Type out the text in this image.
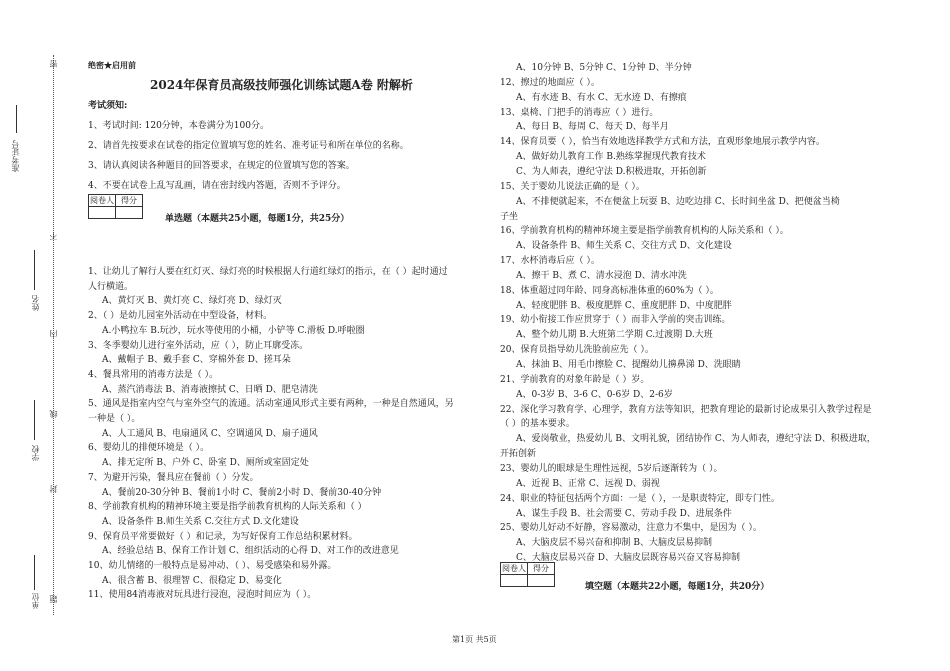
准考证号
姓名
学校
单位
密
不
内
线
封
题
绝密★启用前
2024年保育员高级技师强化训练试题A卷 附解析
考试须知:
1、考试时间: 120分钟，本卷满分为100分。
2、请首先按要求在试卷的指定位置填写您的姓名、准考证号和所在单位的名称。
3、请认真阅读各种题目的回答要求，在规定的位置填写您的答案。
4、不要在试卷上乱写乱画，请在密封线内答题，否则不予评分。
阅卷人	得分

单选题（本题共25小题，每题1分，共25分）
1、让幼儿了解行人要在红灯灭、绿灯亮的时候根据人行道红绿灯的指示，在（ ）起时通过
人行横道。
A、黄灯灭 B、黄灯亮 C、绿灯亮 D、绿灯灭
2、（ ）是幼儿园室外活动在中型设备，材料。
A.小鸭拉车 B.玩沙，玩水等使用的小桶，小铲等 C.滑板 D.呼啦圈
3、冬季婴幼儿进行室外活动，应（ ），防止耳廓受冻。
A、戴帽子 B、戴手套 C、穿棉外套 D、搓耳朵
4、餐具常用的消毒方法是（ ）。
A、蒸汽消毒法 B、消毒液擦拭 C、日晒 D、肥皂清洗
5、通风是指室内空气与室外空气的流通。活动室通风形式主要有两种，一种是自然通风，另
一种是（ ）。
A、人工通风 B、电扇通风 C、空调通风 D、扇子通风
6、婴幼儿的排便环境是（ ）。
A、排无定所 B、户外 C、卧室 D、厕所或室固定处
7、为避开污染，餐具应在餐前（ ）分发。
A、餐前20-30分钟 B、餐前1小时 C、餐前2小时 D、餐前30-40分钟
8、学前教育机构的精神环境主要是指学前教育机构的人际关系和（ ）
A、设备条件 B.师生关系 C.交往方式 D.文化建设
9、保育员平常要做好（ ）和记录，为写好保育工作总结积累材料。
A、经验总结 B、保育工作计划 C、组织活动的心得 D、对工作的改进意见
10、幼儿情绪的一般特点是易冲动、（ ）、易受感染和易外露。
A、很含蓄 B、很理智 C、很稳定 D、易变化
11、使用84消毒液对玩具进行浸泡，浸泡时间应为（ ）。
A、10分钟 B、5分钟 C、1分钟 D、半分钟
12、擦过的地面应（ ）。
A、有水迹 B、有水 C、无水迹 D、有擦痕
13、桌椅、门把手的消毒应（ ）进行。
A、每日 B、每周 C、每天 D、每半月
14、保育员要（ ），恰当有效地选择教学方式和方法，直观形象地展示教学内容。
A、做好幼儿教育工作 B.熟练掌握现代教育技术
C、为人师表，遵纪守法 D.积极进取，开拓创新
15、关于婴幼儿说法正确的是（ ）。
A、不排便就起来，不在便盆上玩耍 B、边吃边排 C、长时间坐盆 D、把便盆当椅
子坐
16、学前教育机构的精神环境主要是指学前教育机构的人际关系和（ ）。
A、设备条件 B、师生关系 C、交往方式 D、文化建设
17、水杯消毒后应（ ）。
A、擦干 B、煮 C、清水浸泡 D、清水冲洗
18、体重超过同年龄、同身高标准体重的60%为（ ）。
A、轻度肥胖 B、极度肥胖 C、重度肥胖 D、中度肥胖
19、幼小衔接工作应贯穿于（ ）而非入学前的突击训练。
A、整个幼儿期 B.大班第二学期 C.过渡期 D.大班
20、保育员指导幼儿洗脸前应先（ ）。
A、抹油 B、用毛巾擦脸 C、提醒幼儿擤鼻涕 D、洗眼睛
21、学前教育的对象年龄是（ ）岁。
A、0-3岁 B、3-6 C、0-6岁 D、2-6岁
22、深化学习教育学、心理学，教育方法等知识，把教育理论的最新讨论成果引入教学过程是
（ ）的基本要求。
A、爱岗敬业，热爱幼儿 B、文明礼貌，团结协作 C、为人师表，遵纪守法 D、积极进取，
开拓创新
23、婴幼儿的眼球是生理性远视，5岁后逐渐转为（ ）。
A、近视 B、正常 C、远视 D、弱视
24、职业的特征包括两个方面：一是（ ），一是职责特定，即专门性。
A、谋生手段 B、社会需要 C、劳动手段 D、进展条件
25、婴幼儿好动不好静，容易激动，注意力不集中，是因为（ ）。
A、大脑皮层不易兴奋和抑制 B、大脑皮层易抑制
C、大脑皮层易兴奋 D、大脑皮层既容易兴奋又容易抑制
阅卷人	得分

填空题（本题共22小题，每题1分，共20分）
第1页 共5页
